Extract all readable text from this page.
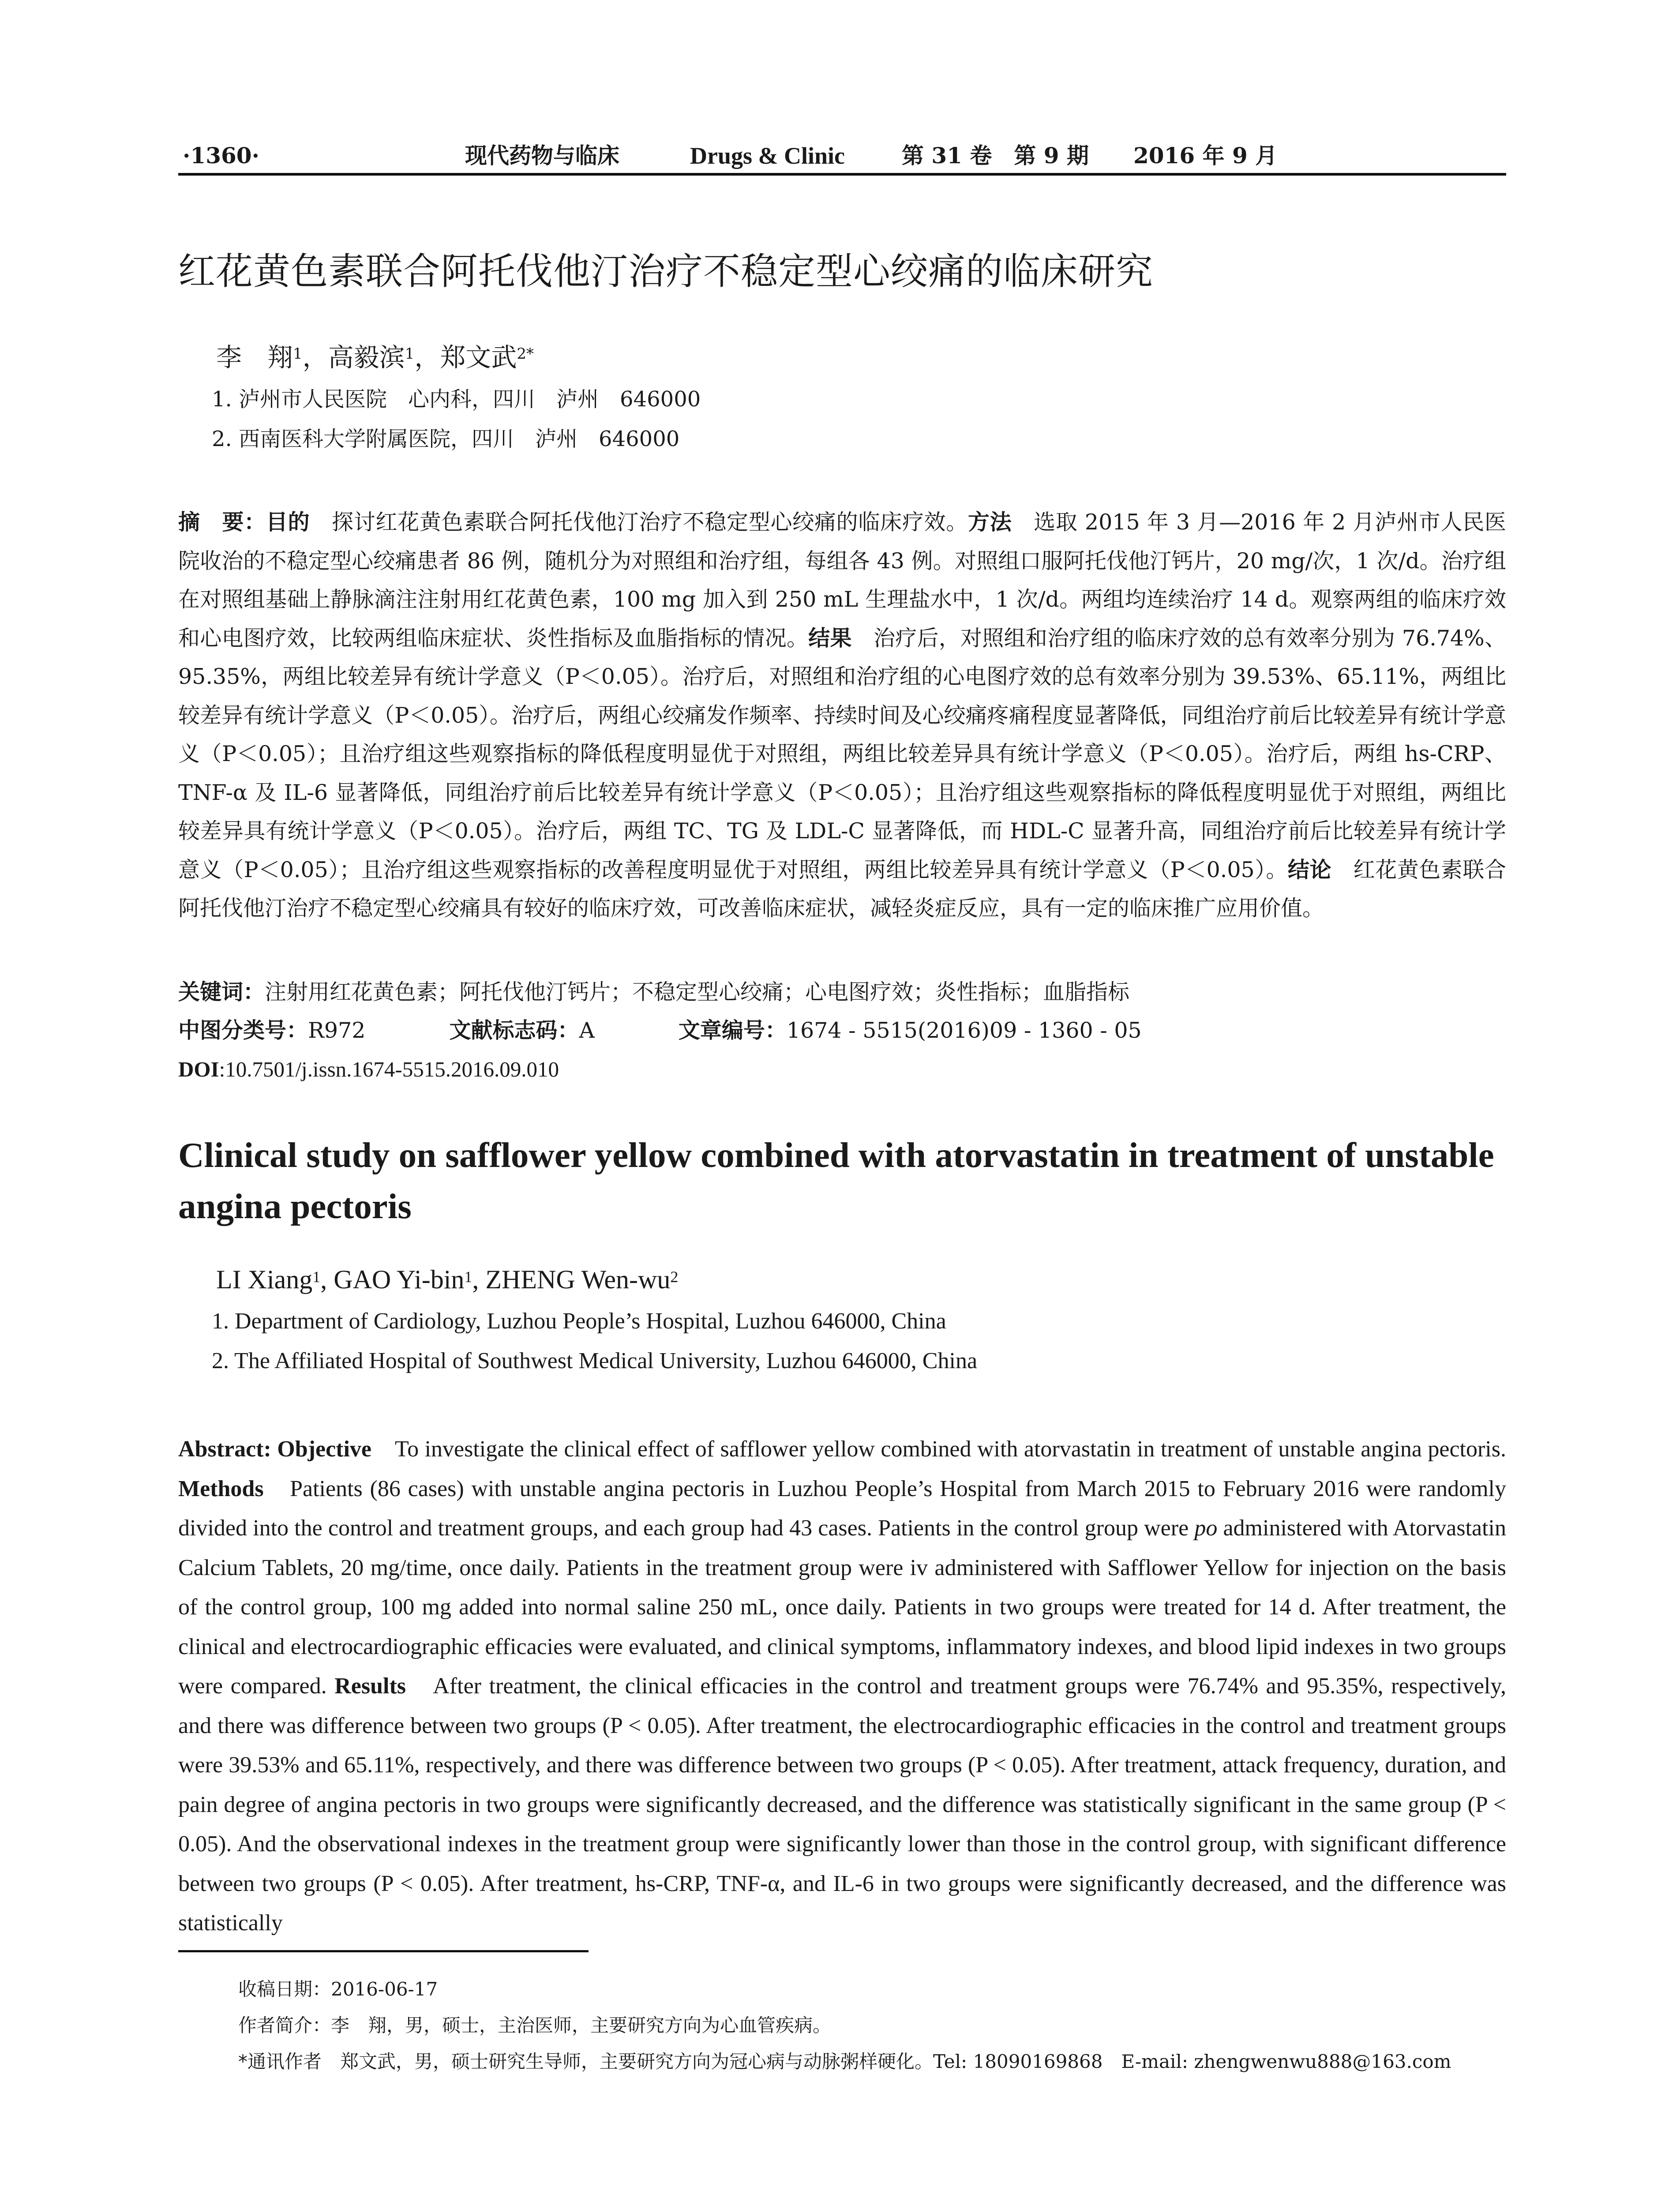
·1360·	现代药物与临床	Drugs & Clinic	第 31 卷　第 9 期 2016 年 9 月
红花黄色素联合阿托伐他汀治疗不稳定型心绞痛的临床研究
李　翔$^1$，高毅滨$^1$，郑文武$^{2*}$
1. 泸州市人民医院　心内科，四川　泸州　646000
2. 西南医科大学附属医院，四川　泸州　646000
摘　要：目的　探讨红花黄色素联合阿托伐他汀治疗不稳定型心绞痛的临床疗效。方法　选取 2015 年 3 月—2016 年 2 月泸州市人民医院收治的不稳定型心绞痛患者 86 例，随机分为对照组和治疗组，每组各 43 例。对照组口服阿托伐他汀钙片，20 mg/次，1 次/d。治疗组在对照组基础上静脉滴注注射用红花黄色素，100 mg 加入到 250 mL 生理盐水中，1 次/d。两组均连续治疗 14 d。观察两组的临床疗效和心电图疗效，比较两组临床症状、炎性指标及血脂指标的情况。结果　治疗后，对照组和治疗组的临床疗效的总有效率分别为 76.74%、95.35%，两组比较差异有统计学意义（P＜0.05）。治疗后，对照组和治疗组的心电图疗效的总有效率分别为 39.53%、65.11%，两组比较差异有统计学意义（P＜0.05）。治疗后，两组心绞痛发作频率、持续时间及心绞痛疼痛程度显著降低，同组治疗前后比较差异有统计学意义（P＜0.05）；且治疗组这些观察指标的降低程度明显优于对照组，两组比较差异具有统计学意义（P＜0.05）。治疗后，两组 hs-CRP、TNF-α 及 IL-6 显著降低，同组治疗前后比较差异有统计学意义（P＜0.05）；且治疗组这些观察指标的降低程度明显优于对照组，两组比较差异具有统计学意义（P＜0.05）。治疗后，两组 TC、TG 及 LDL-C 显著降低，而 HDL-C 显著升高，同组治疗前后比较差异有统计学意义（P＜0.05）；且治疗组这些观察指标的改善程度明显优于对照组，两组比较差异具有统计学意义（P＜0.05）。结论　红花黄色素联合阿托伐他汀治疗不稳定型心绞痛具有较好的临床疗效，可改善临床症状，减轻炎症反应，具有一定的临床推广应用价值。
关键词：注射用红花黄色素；阿托伐他汀钙片；不稳定型心绞痛；心电图疗效；炎性指标；血脂指标
中图分类号：R972	文献标志码：A	文章编号：1674 - 5515(2016)09 - 1360 - 05
DOI:10.7501/j.issn.1674-5515.2016.09.010
Clinical study on safflower yellow combined with atorvastatin in treatment of unstable angina pectoris
LI Xiang$^1$, GAO Yi-bin$^1$, ZHENG Wen-$wu^2$
1. Department of Cardiology, Luzhou People’s Hospital, Luzhou 646000, China
2. The Affiliated Hospital of Southwest Medical University, Luzhou 646000, China
Abstract: Objective　To investigate the clinical effect of safflower yellow combined with atorvastatin in treatment of unstable angina pectoris. Methods　Patients (86 cases) with unstable angina pectoris in Luzhou People’s Hospital from March 2015 to February 2016 were randomly divided into the control and treatment groups, and each group had 43 cases. Patients in the control group were po administered with Atorvastatin Calcium Tablets, 20 mg/time, once daily. Patients in the treatment group were iv administered with Safflower Yellow for injection on the basis of the control group, 100 mg added into normal saline 250 mL, once daily. Patients in two groups were treated for 14 d. After treatment, the clinical and electrocardiographic efficacies were evaluated, and clinical symptoms, inflammatory indexes, and blood lipid indexes in two groups were compared. Results　After treatment, the clinical efficacies in the control and treatment groups were 76.74% and 95.35%, respectively, and there was difference between two groups (P < 0.05). After treatment, the electrocardiographic efficacies in the control and treatment groups were 39.53% and 65.11%, respectively, and there was difference between two groups (P < 0.05). After treatment, attack frequency, duration, and pain degree of angina pectoris in two groups were significantly decreased, and the difference was statistically significant in the same group (P < 0.05). And the observational indexes in the treatment group were significantly lower than those in the control group, with significant difference between two groups (P < 0.05). After treatment, hs-CRP, TNF-α, and IL-6 in two groups were significantly decreased, and the difference was statistically
收稿日期：2016-06-17
作者简介：李　翔，男，硕士，主治医师，主要研究方向为心血管疾病。
*通讯作者　郑文武，男，硕士研究生导师，主要研究方向为冠心病与动脉粥样硬化。Tel: 18090169868　E-mail: zhengwenwu888@163.com
